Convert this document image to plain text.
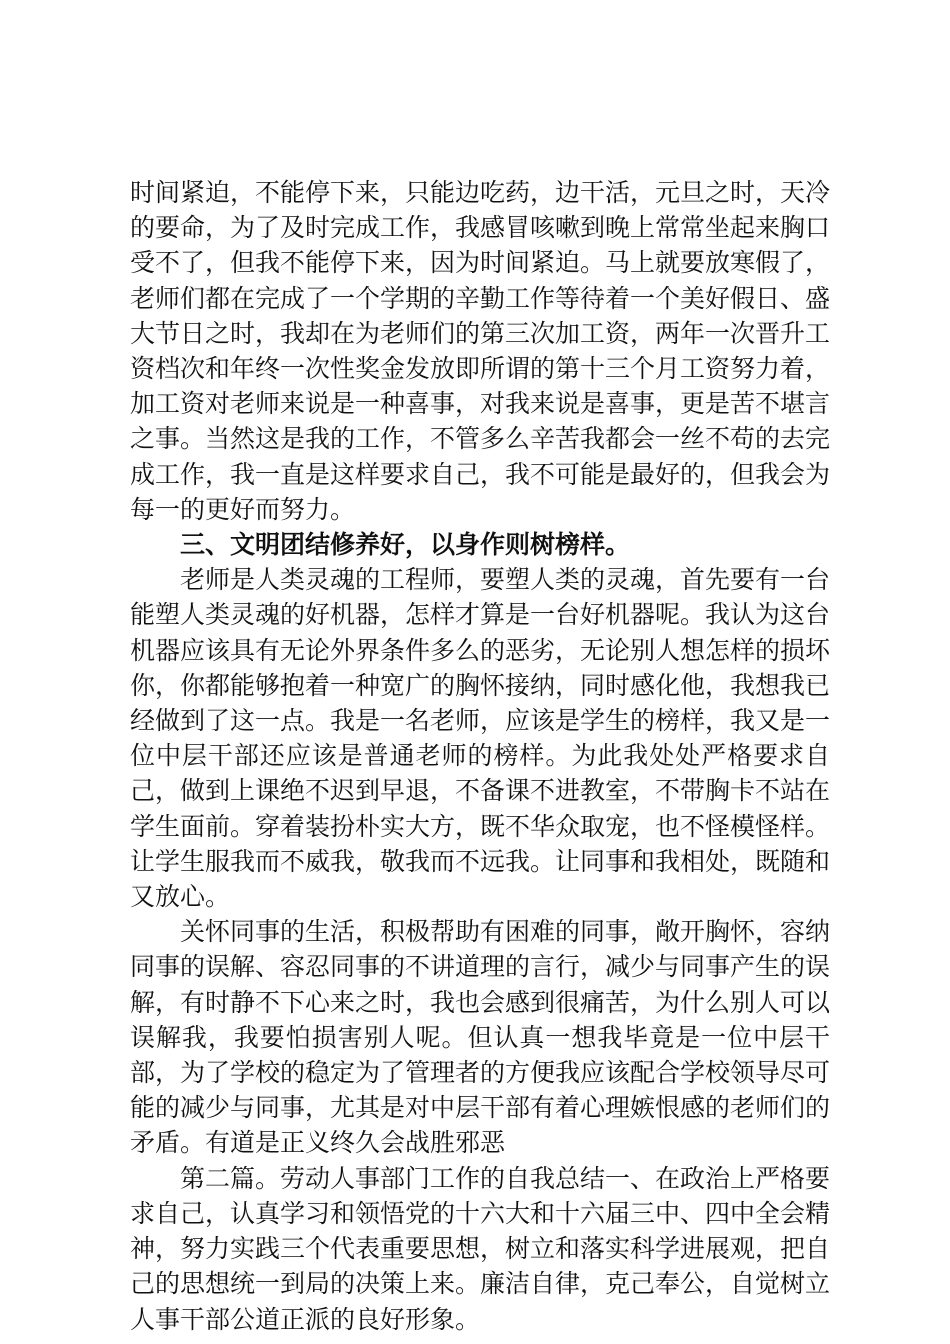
时间紧迫，不能停下来，只能边吃药，边干活，元旦之时，天冷的要命，为了及时完成工作，我感冒咳嗽到晚上常常坐起来胸口受不了，但我不能停下来，因为时间紧迫。马上就要放寒假了，老师们都在完成了一个学期的辛勤工作等待着一个美好假日、盛大节日之时，我却在为老师们的第三次加工资，两年一次晋升工资档次和年终一次性奖金发放即所谓的第十三个月工资努力着，加工资对老师来说是一种喜事，对我来说是喜事，更是苦不堪言之事。当然这是我的工作，不管多么辛苦我都会一丝不苟的去完成工作，我一直是这样要求自己，我不可能是最好的，但我会为每一的更好而努力。

三、文明团结修养好，以身作则树榜样。

老师是人类灵魂的工程师，要塑人类的灵魂，首先要有一台能塑人类灵魂的好机器，怎样才算是一台好机器呢。我认为这台机器应该具有无论外界条件多么的恶劣，无论别人想怎样的损坏你，你都能够抱着一种宽广的胸怀接纳，同时感化他，我想我已经做到了这一点。我是一名老师，应该是学生的榜样，我又是一位中层干部还应该是普通老师的榜样。为此我处处严格要求自己，做到上课绝不迟到早退，不备课不进教室，不带胸卡不站在学生面前。穿着装扮朴实大方，既不华众取宠，也不怪模怪样。让学生服我而不威我，敬我而不远我。让同事和我相处，既随和又放心。

关怀同事的生活，积极帮助有困难的同事，敞开胸怀，容纳同事的误解、容忍同事的不讲道理的言行，减少与同事产生的误解，有时静不下心来之时，我也会感到很痛苦，为什么别人可以误解我，我要怕损害别人呢。但认真一想我毕竟是一位中层干部，为了学校的稳定为了管理者的方便我应该配合学校领导尽可能的减少与同事，尤其是对中层干部有着心理嫉恨感的老师们的矛盾。有道是正义终久会战胜邪恶

第二篇。劳动人事部门工作的自我总结一、在政治上严格要求自己，认真学习和领悟党的十六大和十六届三中、四中全会精神，努力实践三个代表重要思想，树立和落实科学进展观，把自己的思想统一到局的决策上来。廉洁自律，克己奉公，自觉树立人事干部公道正派的良好形象。
